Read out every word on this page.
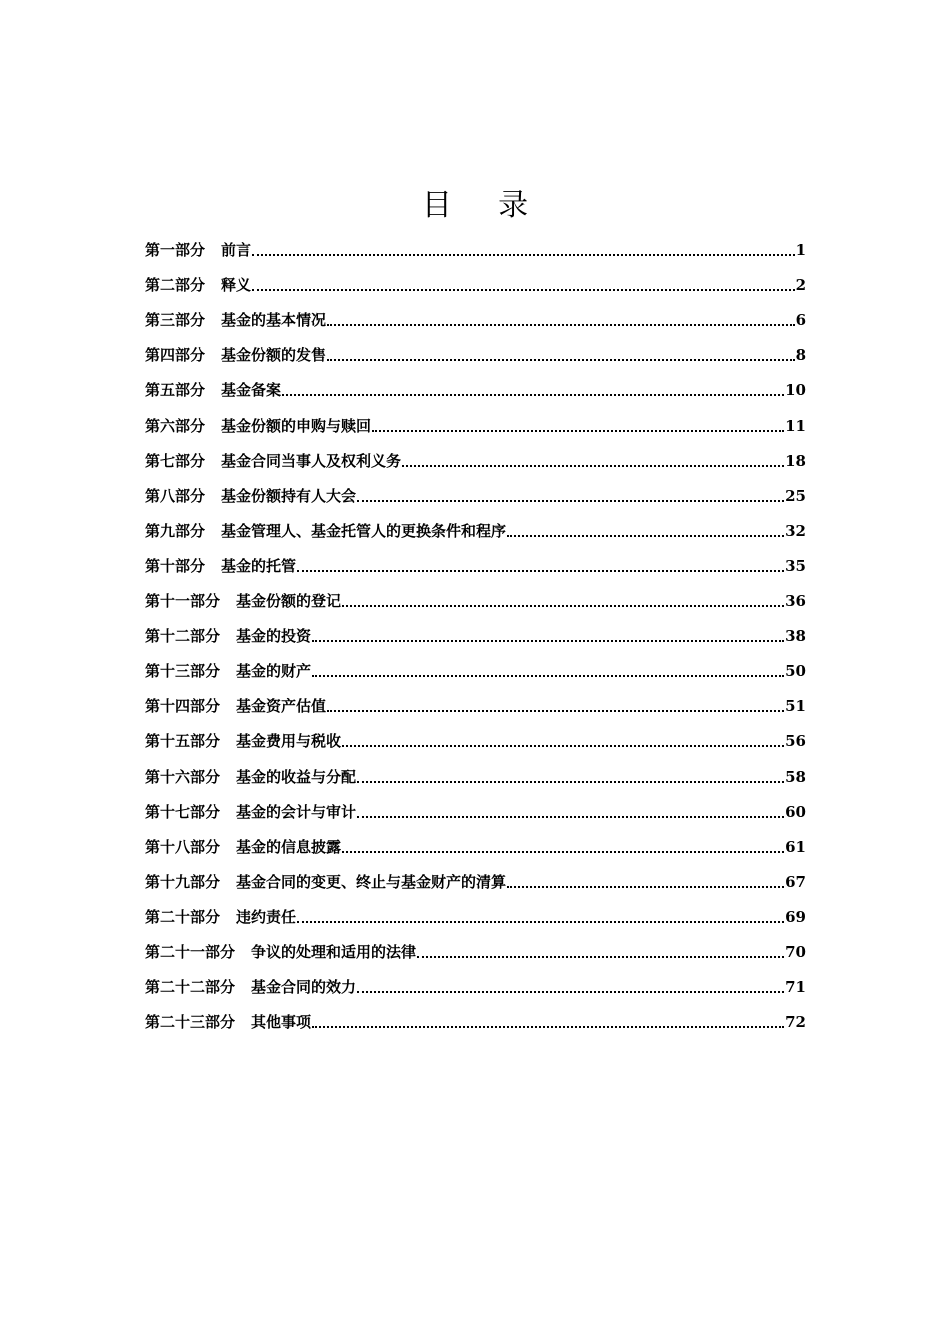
目	录
第一部分 前言	1
第二部分 释义	2
第三部分 基金的基本情况	6
第四部分 基金份额的发售	8
第五部分 基金备案	10
第六部分 基金份额的申购与赎回	11
第七部分 基金合同当事人及权利义务	18
第八部分 基金份额持有人大会	25
第九部分 基金管理人、基金托管人的更换条件和程序	32
第十部分 基金的托管	35
第十一部分 基金份额的登记	36
第十二部分 基金的投资	38
第十三部分 基金的财产	50
第十四部分 基金资产估值	51
第十五部分 基金费用与税收	56
第十六部分 基金的收益与分配	58
第十七部分 基金的会计与审计	60
第十八部分 基金的信息披露	61
第十九部分 基金合同的变更、终止与基金财产的清算	67
第二十部分 违约责任	69
第二十一部分 争议的处理和适用的法律	70
第二十二部分 基金合同的效力	71
第二十三部分 其他事项	72
